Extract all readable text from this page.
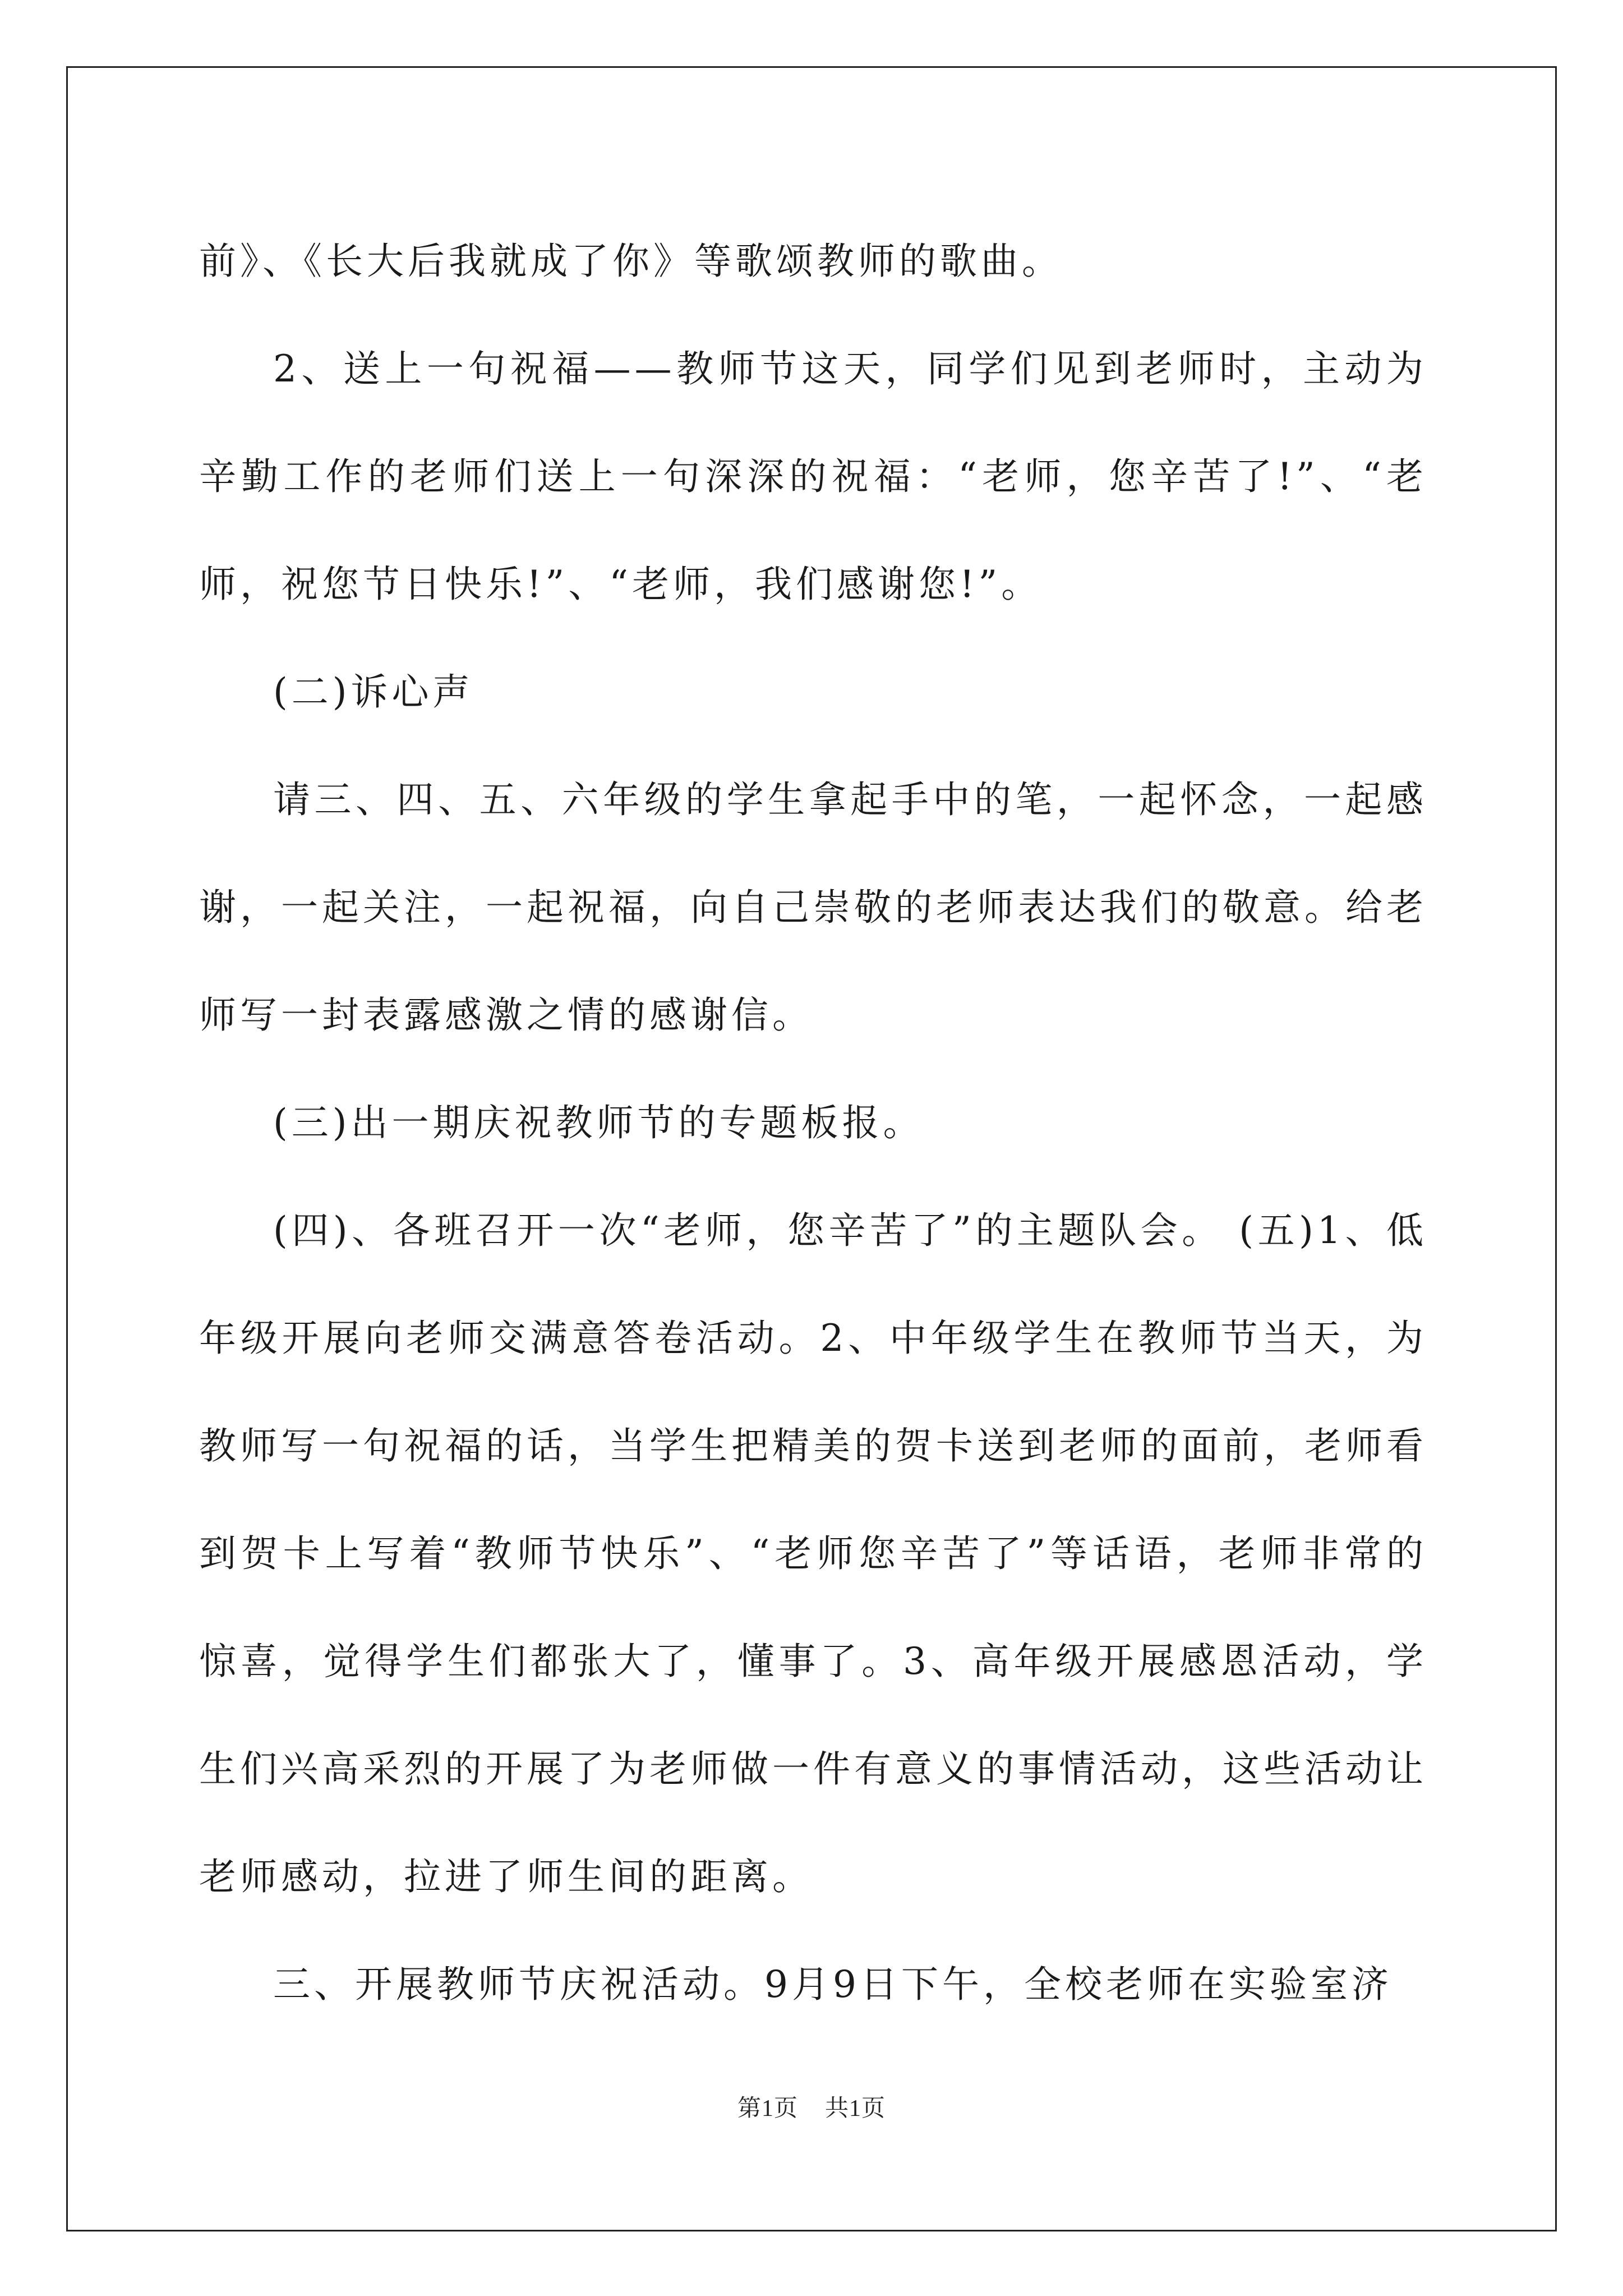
前》、《长大后我就成了你》等歌颂教师的歌曲。

2、送上一句祝福——教师节这天，同学们见到老师时，主动为辛勤工作的老师们送上一句深深的祝福：“老师，您辛苦了!”、“老师，祝您节日快乐!”、“老师，我们感谢您!”。

(二)诉心声

请三、四、五、六年级的学生拿起手中的笔，一起怀念，一起感谢，一起关注，一起祝福，向自己崇敬的老师表达我们的敬意。给老师写一封表露感激之情的感谢信。

(三)出一期庆祝教师节的专题板报。

(四)、各班召开一次“老师，您辛苦了”的主题队会。 (五)1、低年级开展向老师交满意答卷活动。2、中年级学生在教师节当天，为教师写一句祝福的话，当学生把精美的贺卡送到老师的面前，老师看到贺卡上写着“教师节快乐”、“老师您辛苦了”等话语，老师非常的惊喜，觉得学生们都张大了，懂事了。3、高年级开展感恩活动，学生们兴高采烈的开展了为老师做一件有意义的事情活动，这些活动让老师感动，拉进了师生间的距离。

三、开展教师节庆祝活动。9月9日下午，全校老师在实验室济

第1页 共1页
